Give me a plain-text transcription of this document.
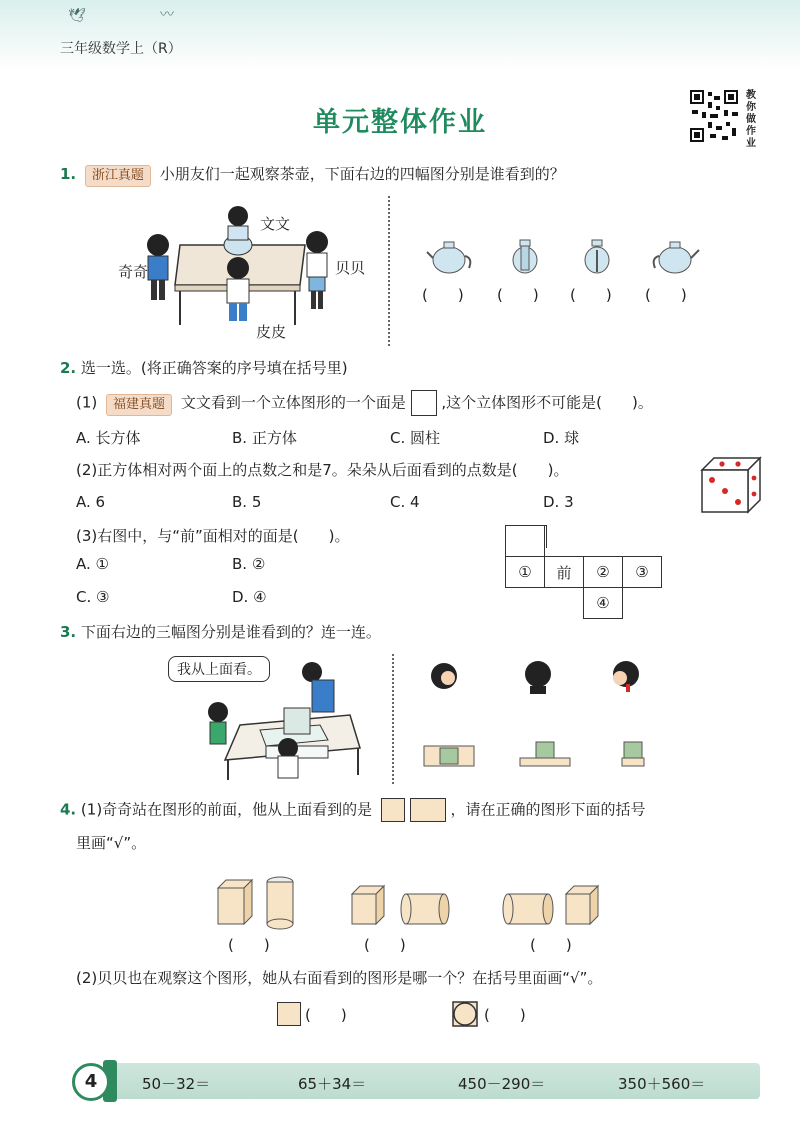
🕊	〰
三年级数学上（R）
单元整体作业
教你做作业
1. 浙江真题 小朋友们一起观察茶壶，下面右边的四幅图分别是谁看到的？
文文
奇奇	贝贝
皮皮
(　　) (　　) (　　) (　　)
2. 选一选。(将正确答案的序号填在括号里)
(1) 福建真题 文文看到一个立体图形的一个面是 ,这个立体图形不可能是(　　)。
A. 长方体	B. 正方体	C. 圆柱	D. 球
(2)正方体相对两个面上的点数之和是7。朵朵从后面看到的点数是(　　)。
A. 6	B. 5	C. 4	D. 3
(3)右图中，与“前”面相对的面是(　　)。
A. ①	B. ②
C. ③	D. ④

①	前	②	③
		④	
3. 下面右边的三幅图分别是谁看到的？连一连。
我从上面看。
4. (1)奇奇站在图形的前面，他从上面看到的是	，请在正确的图形下面的括号
里画“√”。
(　　)	(　　)	(　　)
(2)贝贝也在观察这个图形，她从右面看到的图形是哪一个？在括号里面画“√”。
(　　)	(　　)
4	50－32＝	65＋34＝	450－290＝	350＋560＝
